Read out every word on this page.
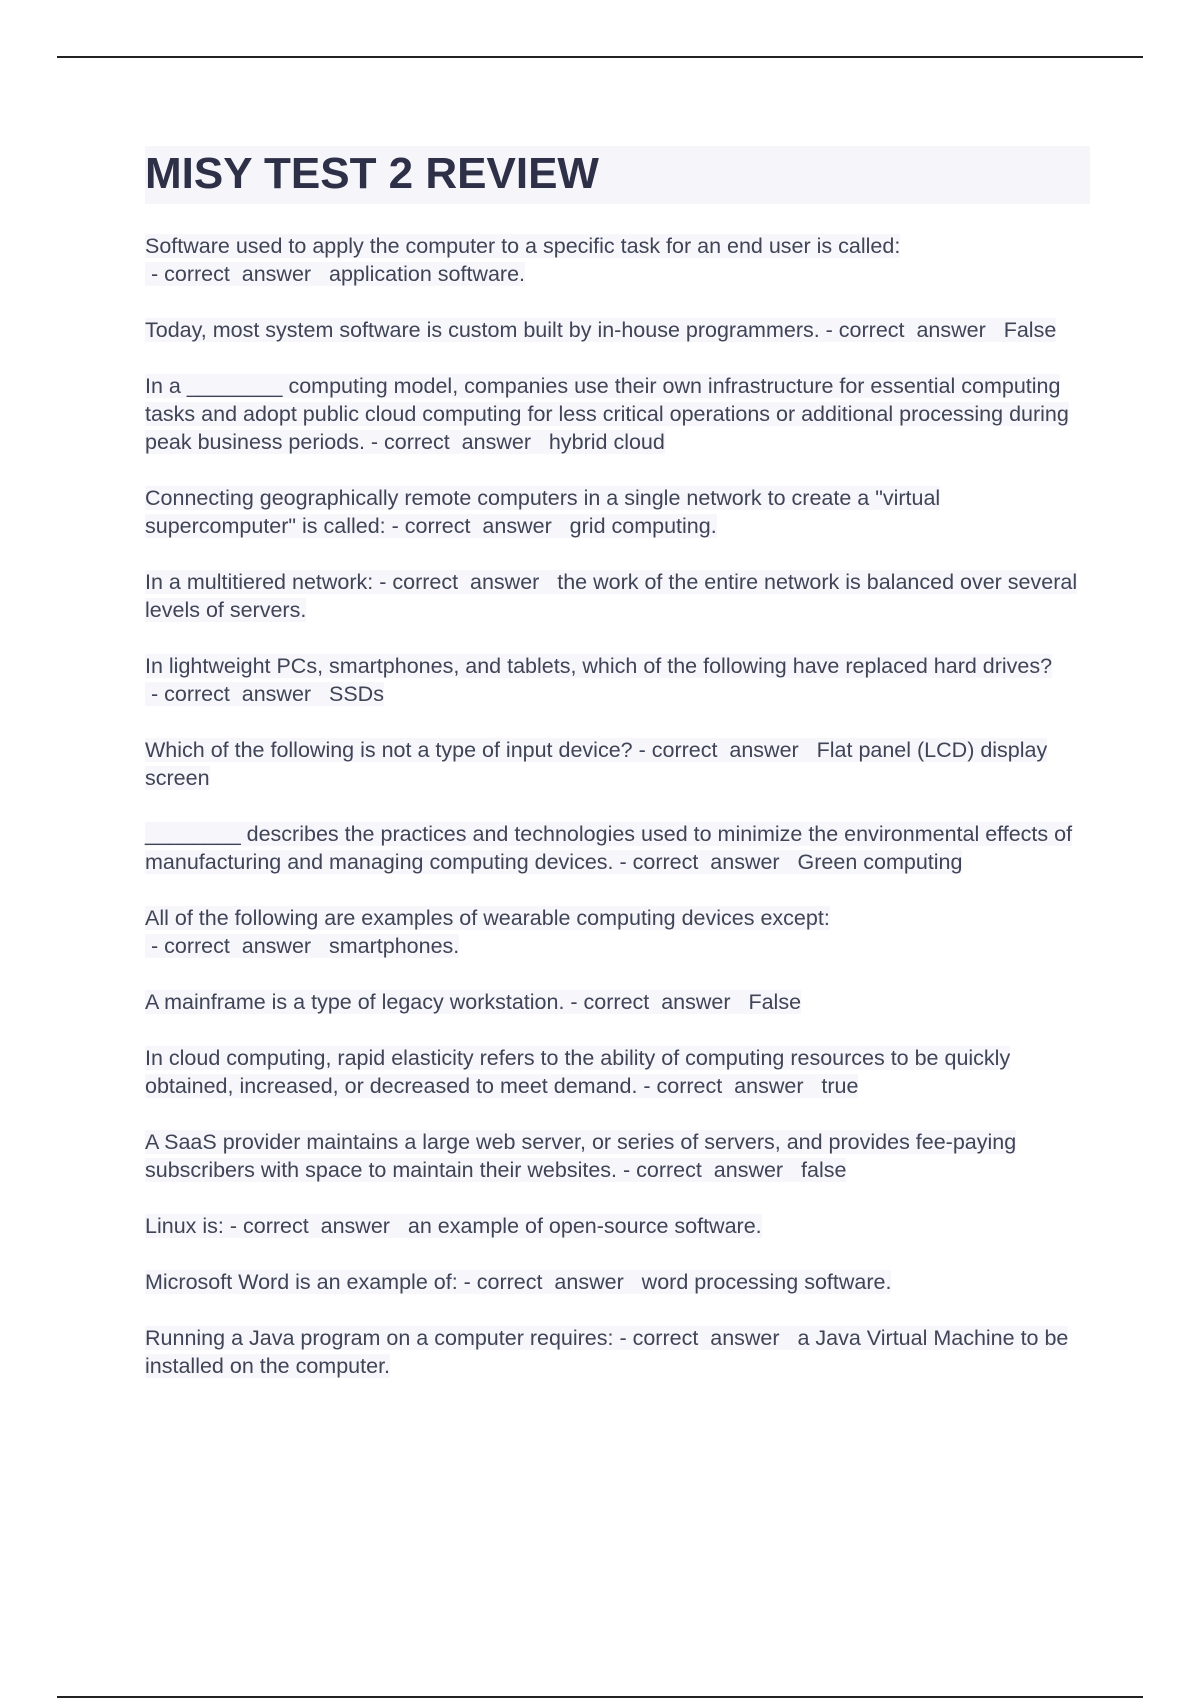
MISY TEST 2 REVIEW
Software used to apply the computer to a specific task for an end user is called: - correct  answer   application software.
Today, most system software is custom built by in-house programmers. - correct  answer   False
In a ________ computing model, companies use their own infrastructure for essential computing tasks and adopt public cloud computing for less critical operations or additional processing during peak business periods. - correct  answer   hybrid cloud
Connecting geographically remote computers in a single network to create a "virtual supercomputer" is called: - correct  answer   grid computing.
In a multitiered network: - correct  answer   the work of the entire network is balanced over several levels of servers.
In lightweight PCs, smartphones, and tablets, which of the following have replaced hard drives? - correct  answer   SSDs
Which of the following is not a type of input device? - correct  answer   Flat panel (LCD) display screen
________ describes the practices and technologies used to minimize the environmental effects of manufacturing and managing computing devices. - correct  answer   Green computing
All of the following are examples of wearable computing devices except: - correct  answer   smartphones.
A mainframe is a type of legacy workstation. - correct  answer   False
In cloud computing, rapid elasticity refers to the ability of computing resources to be quickly obtained, increased, or decreased to meet demand. - correct  answer   true
A SaaS provider maintains a large web server, or series of servers, and provides fee-paying subscribers with space to maintain their websites. - correct  answer   false
Linux is: - correct  answer   an example of open-source software.
Microsoft Word is an example of: - correct  answer   word processing software.
Running a Java program on a computer requires: - correct  answer   a Java Virtual Machine to be installed on the computer.
